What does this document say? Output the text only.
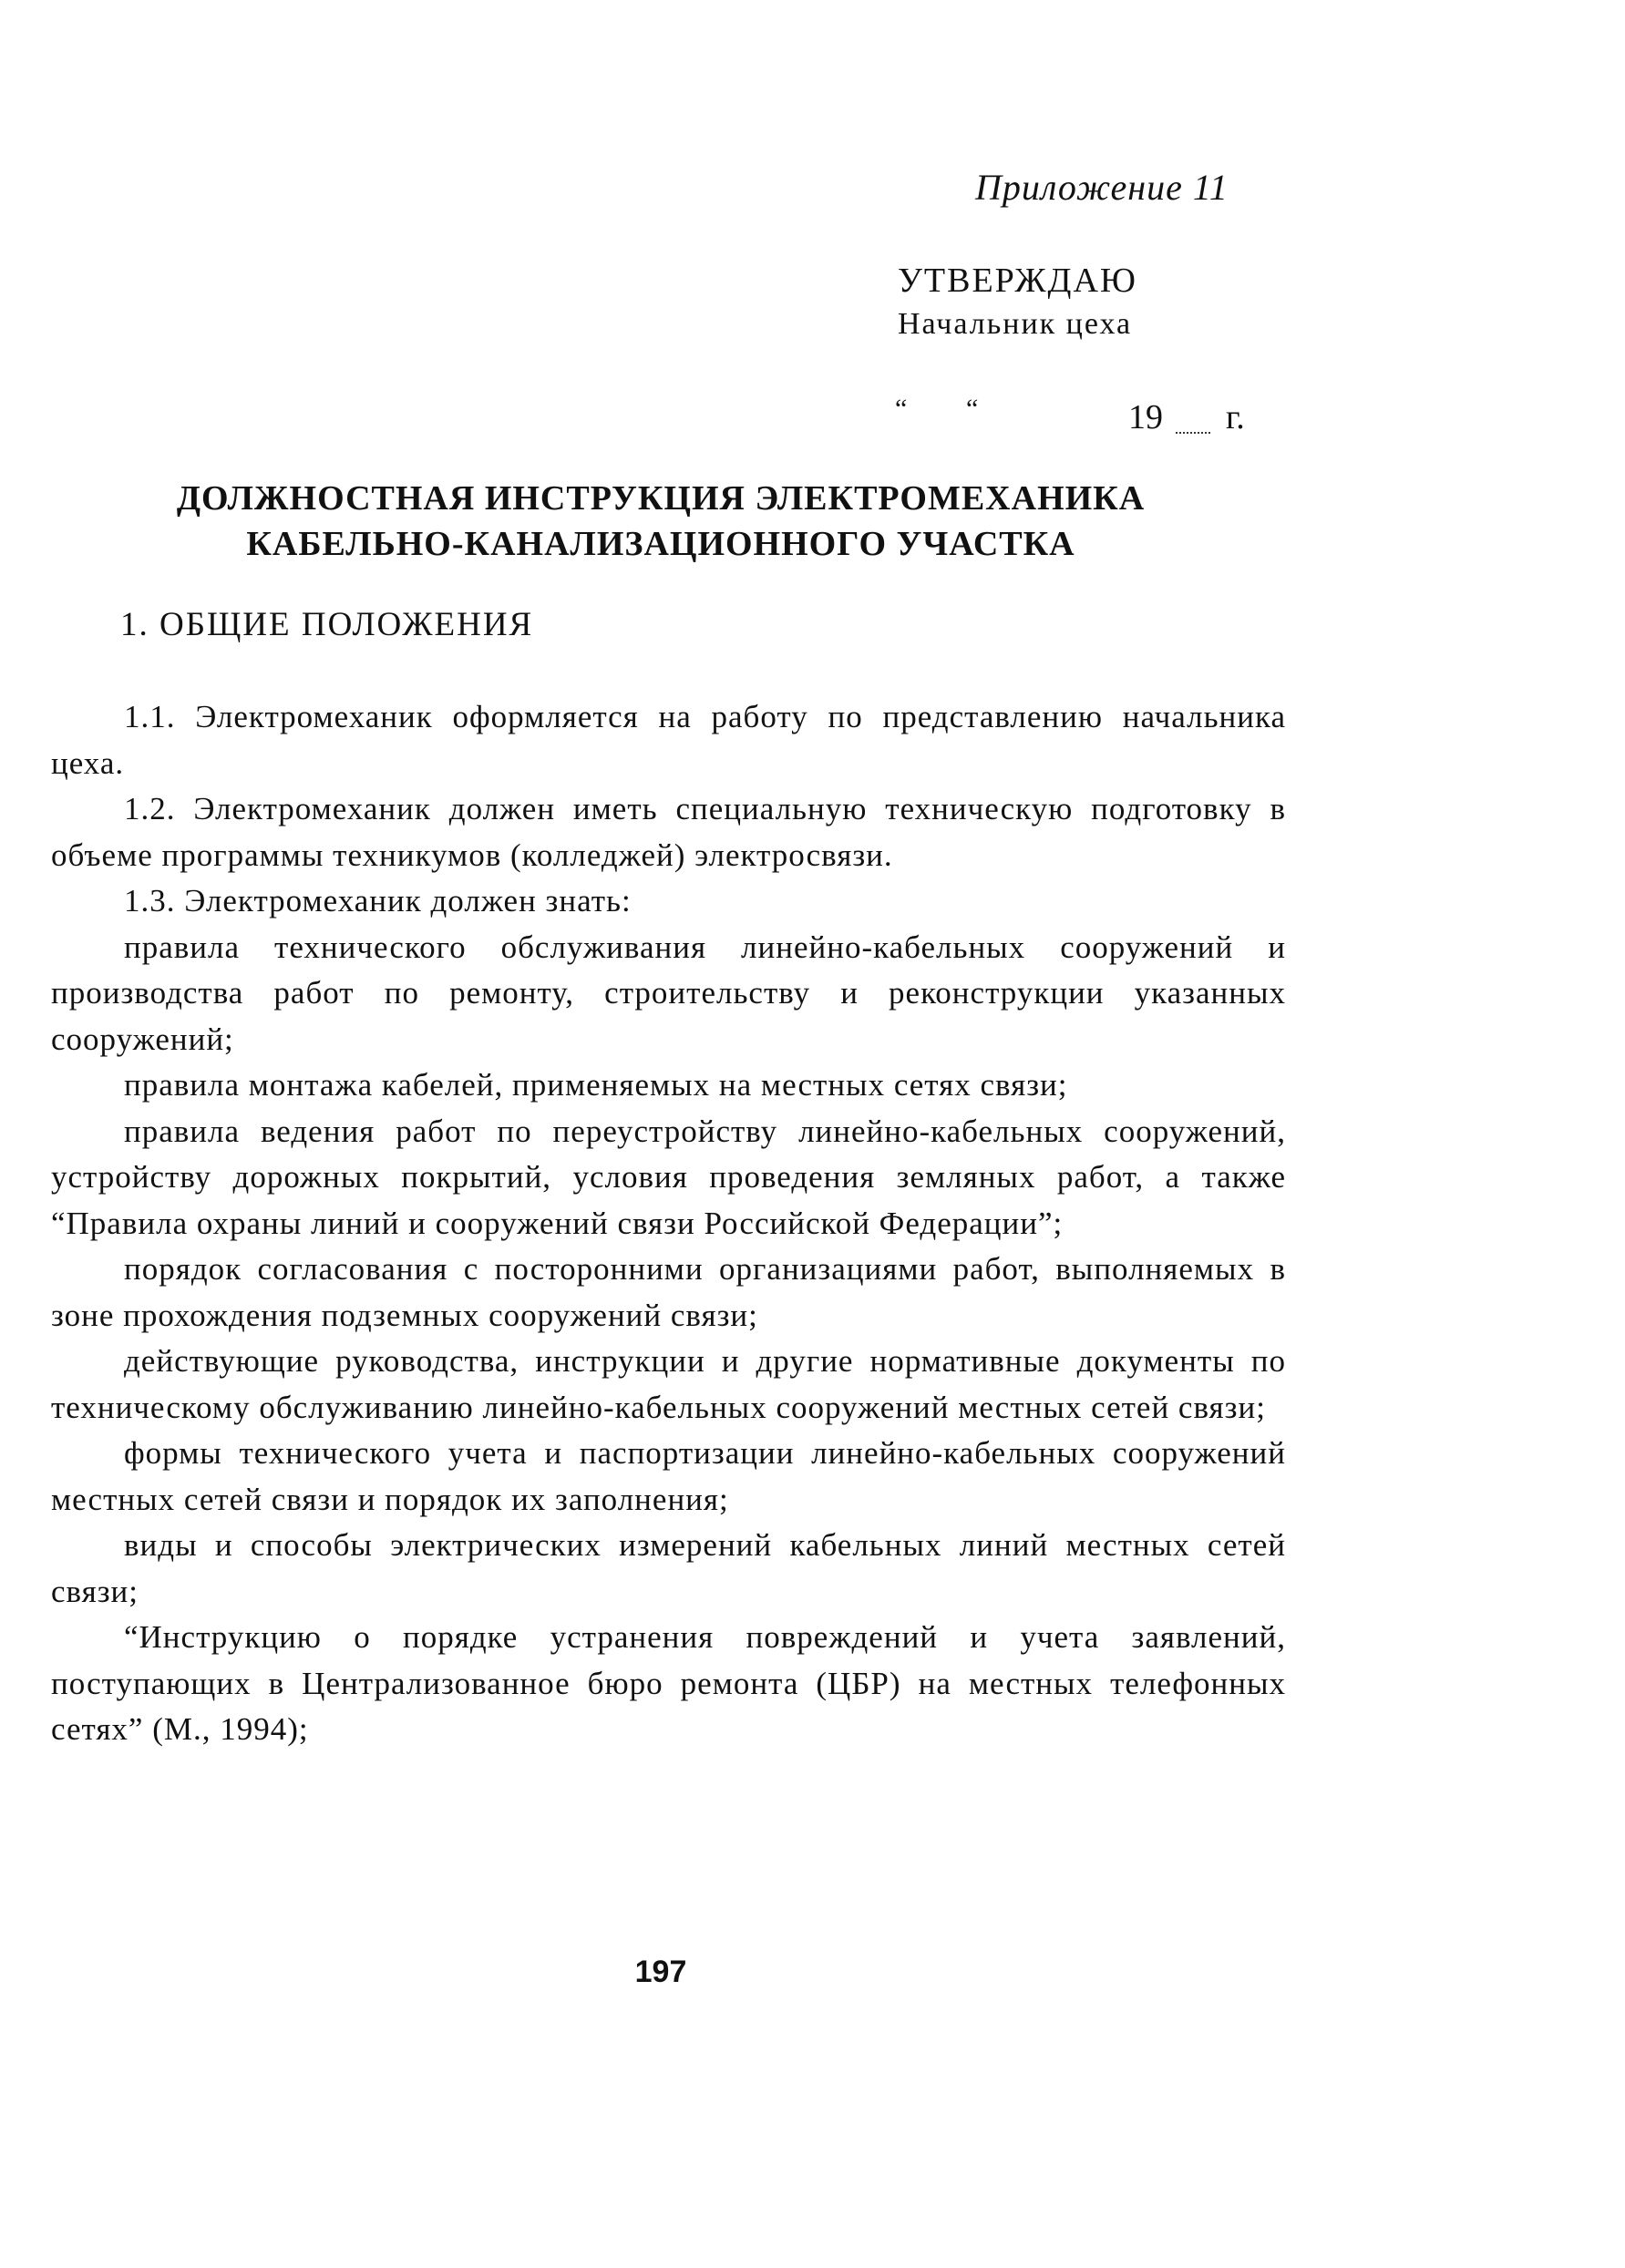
Приложение 11
УТВЕРЖДАЮ
Начальник цеха
“ “	19 г.
ДОЛЖНОСТНАЯ ИНСТРУКЦИЯ ЭЛЕКТРОМЕХАНИКА
КАБЕЛЬНО-КАНАЛИЗАЦИОННОГО УЧАСТКА
1. ОБЩИЕ ПОЛОЖЕНИЯ

1.1. Электромеханик оформляется на работу по представлению начальника цеха.

1.2. Электромеханик должен иметь специальную техническую подготовку в объеме программы техникумов (колледжей) электросвязи.

1.3. Электромеханик должен знать:

правила технического обслуживания линейно-кабельных сооружений и производства работ по ремонту, строительству и реконструкции указанных сооружений;

правила монтажа кабелей, применяемых на местных сетях связи;

правила ведения работ по переустройству линейно-кабельных сооружений, устройству дорожных покрытий, условия проведения земляных работ, а также “Правила охраны линий и сооружений связи Российской Федерации”;

порядок согласования с посторонними организациями работ, выполняемых в зоне прохождения подземных сооружений связи;

действующие руководства, инструкции и другие нормативные документы по техническому обслуживанию линейно-кабельных сооружений местных сетей связи;

формы технического учета и паспортизации линейно-кабельных сооружений местных сетей связи и порядок их заполнения;

виды и способы электрических измерений кабельных линий местных сетей связи;

“Инструкцию о порядке устранения повреждений и учета заявлений, поступающих в Централизованное бюро ремонта (ЦБР) на местных телефонных сетях” (М., 1994);

197
